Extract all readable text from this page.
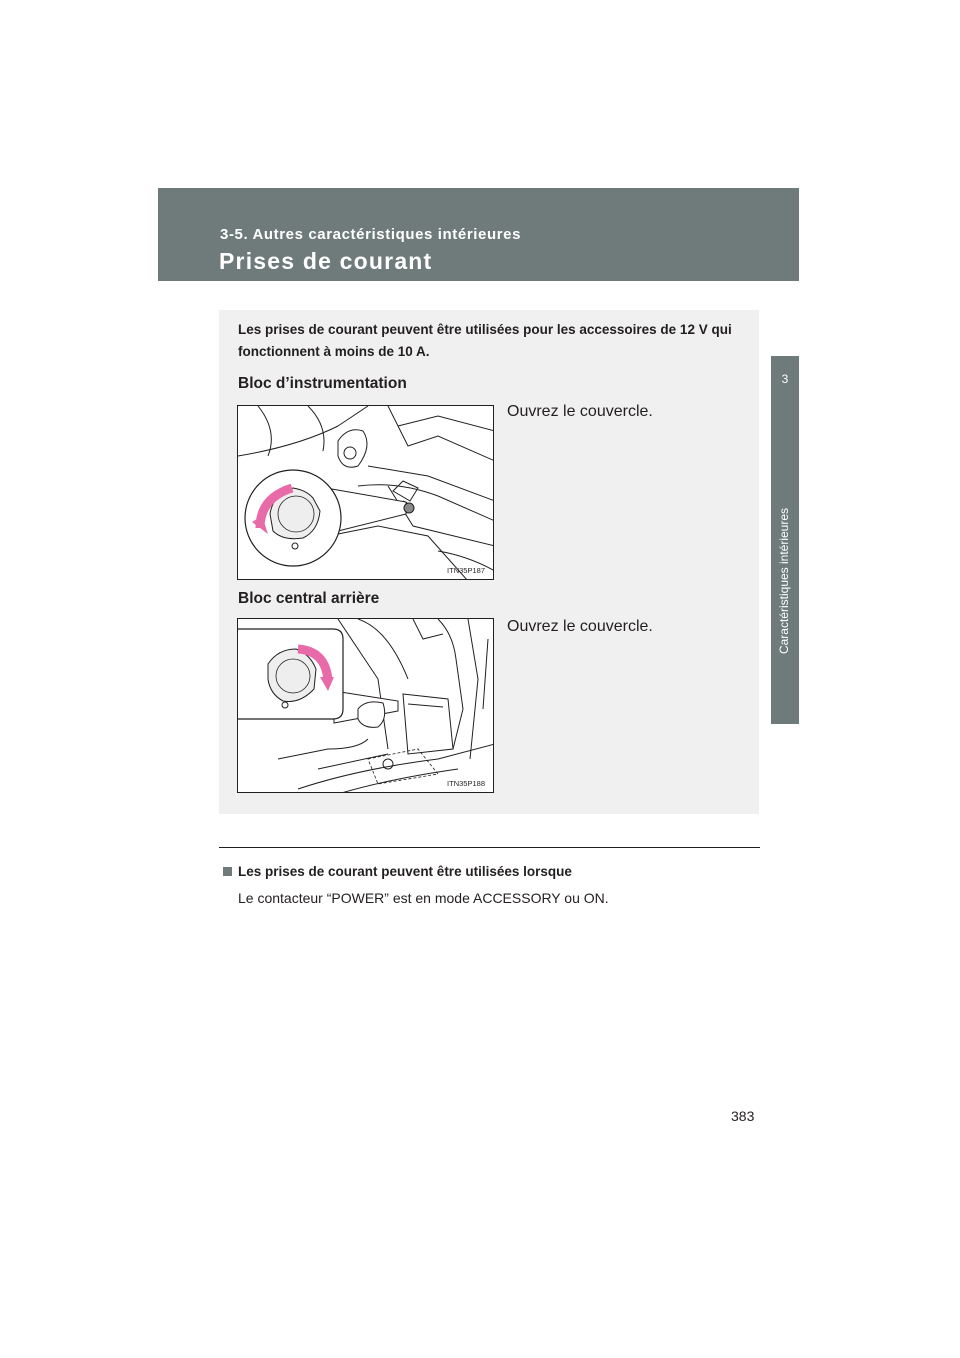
3-5. Autres caractéristiques intérieures
Prises de courant
3
Caractéristiques intérieures
Les prises de courant peuvent être utilisées pour les accessoires de 12 V qui fonctionnent à moins de 10 A.
Bloc d’instrumentation
ITN35P187
Ouvrez le couvercle.
Bloc central arrière
ITN35P188
Ouvrez le couvercle.
Les prises de courant peuvent être utilisées lorsque
Le contacteur “POWER” est en mode ACCESSORY ou ON.
383
